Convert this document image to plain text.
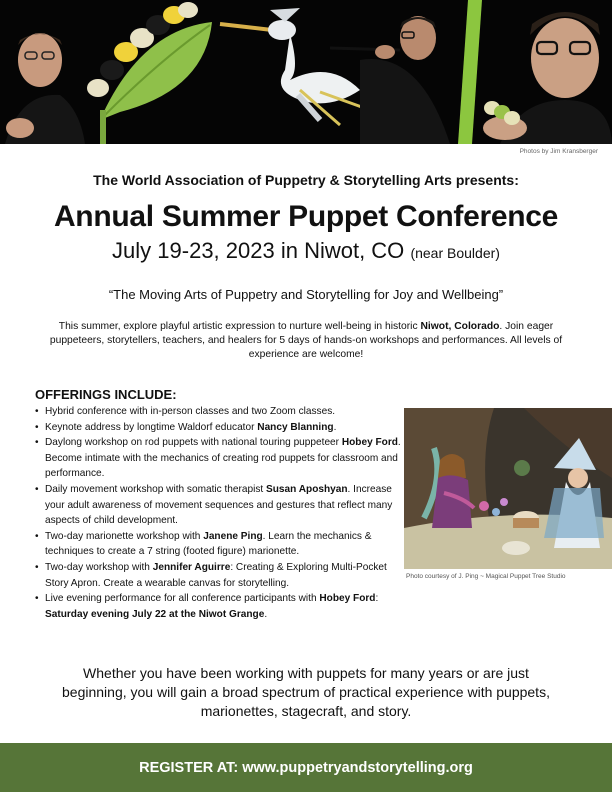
Photos by Jim Kransberger
The World Association of Puppetry & Storytelling Arts presents:
Annual Summer Puppet Conference
July 19-23, 2023 in Niwot, CO (near Boulder)
“The Moving Arts of Puppetry and Storytelling for Joy and Wellbeing”
This summer, explore playful artistic expression to nurture well-being in historic Niwot, Colorado. Join eager puppeteers, storytellers, teachers, and healers for 5 days of hands-on workshops and performances. All levels of experience are welcome!
OFFERINGS INCLUDE:
• Hybrid conference with in-person classes and two Zoom classes.
• Keynote address by longtime Waldorf educator Nancy Blanning.
• Daylong workshop on rod puppets with national touring puppeteer Hobey Ford. Become intimate with the mechanics of creating rod puppets for classroom and performance.
• Daily movement workshop with somatic therapist Susan Aposhyan. Increase your adult awareness of movement sequences and gestures that reflect many aspects of child development.
• Two-day marionette workshop with Janene Ping. Learn the mechanics & techniques to create a 7 string (footed figure) marionette.
• Two-day workshop with Jennifer Aguirre: Creating & Exploring Multi-Pocket Story Apron. Create a wearable canvas for storytelling.
• Live evening performance for all conference participants with Hobey Ford:
Saturday evening July 22 at the Niwot Grange.
Photo courtesy of J. Ping ~ Magical Puppet Tree Studio
Whether you have been working with puppets for many years or are just beginning, you will gain a broad spectrum of practical experience with puppets, marionettes, stagecraft, and story.
REGISTER AT: www.puppetryandstorytelling.org
